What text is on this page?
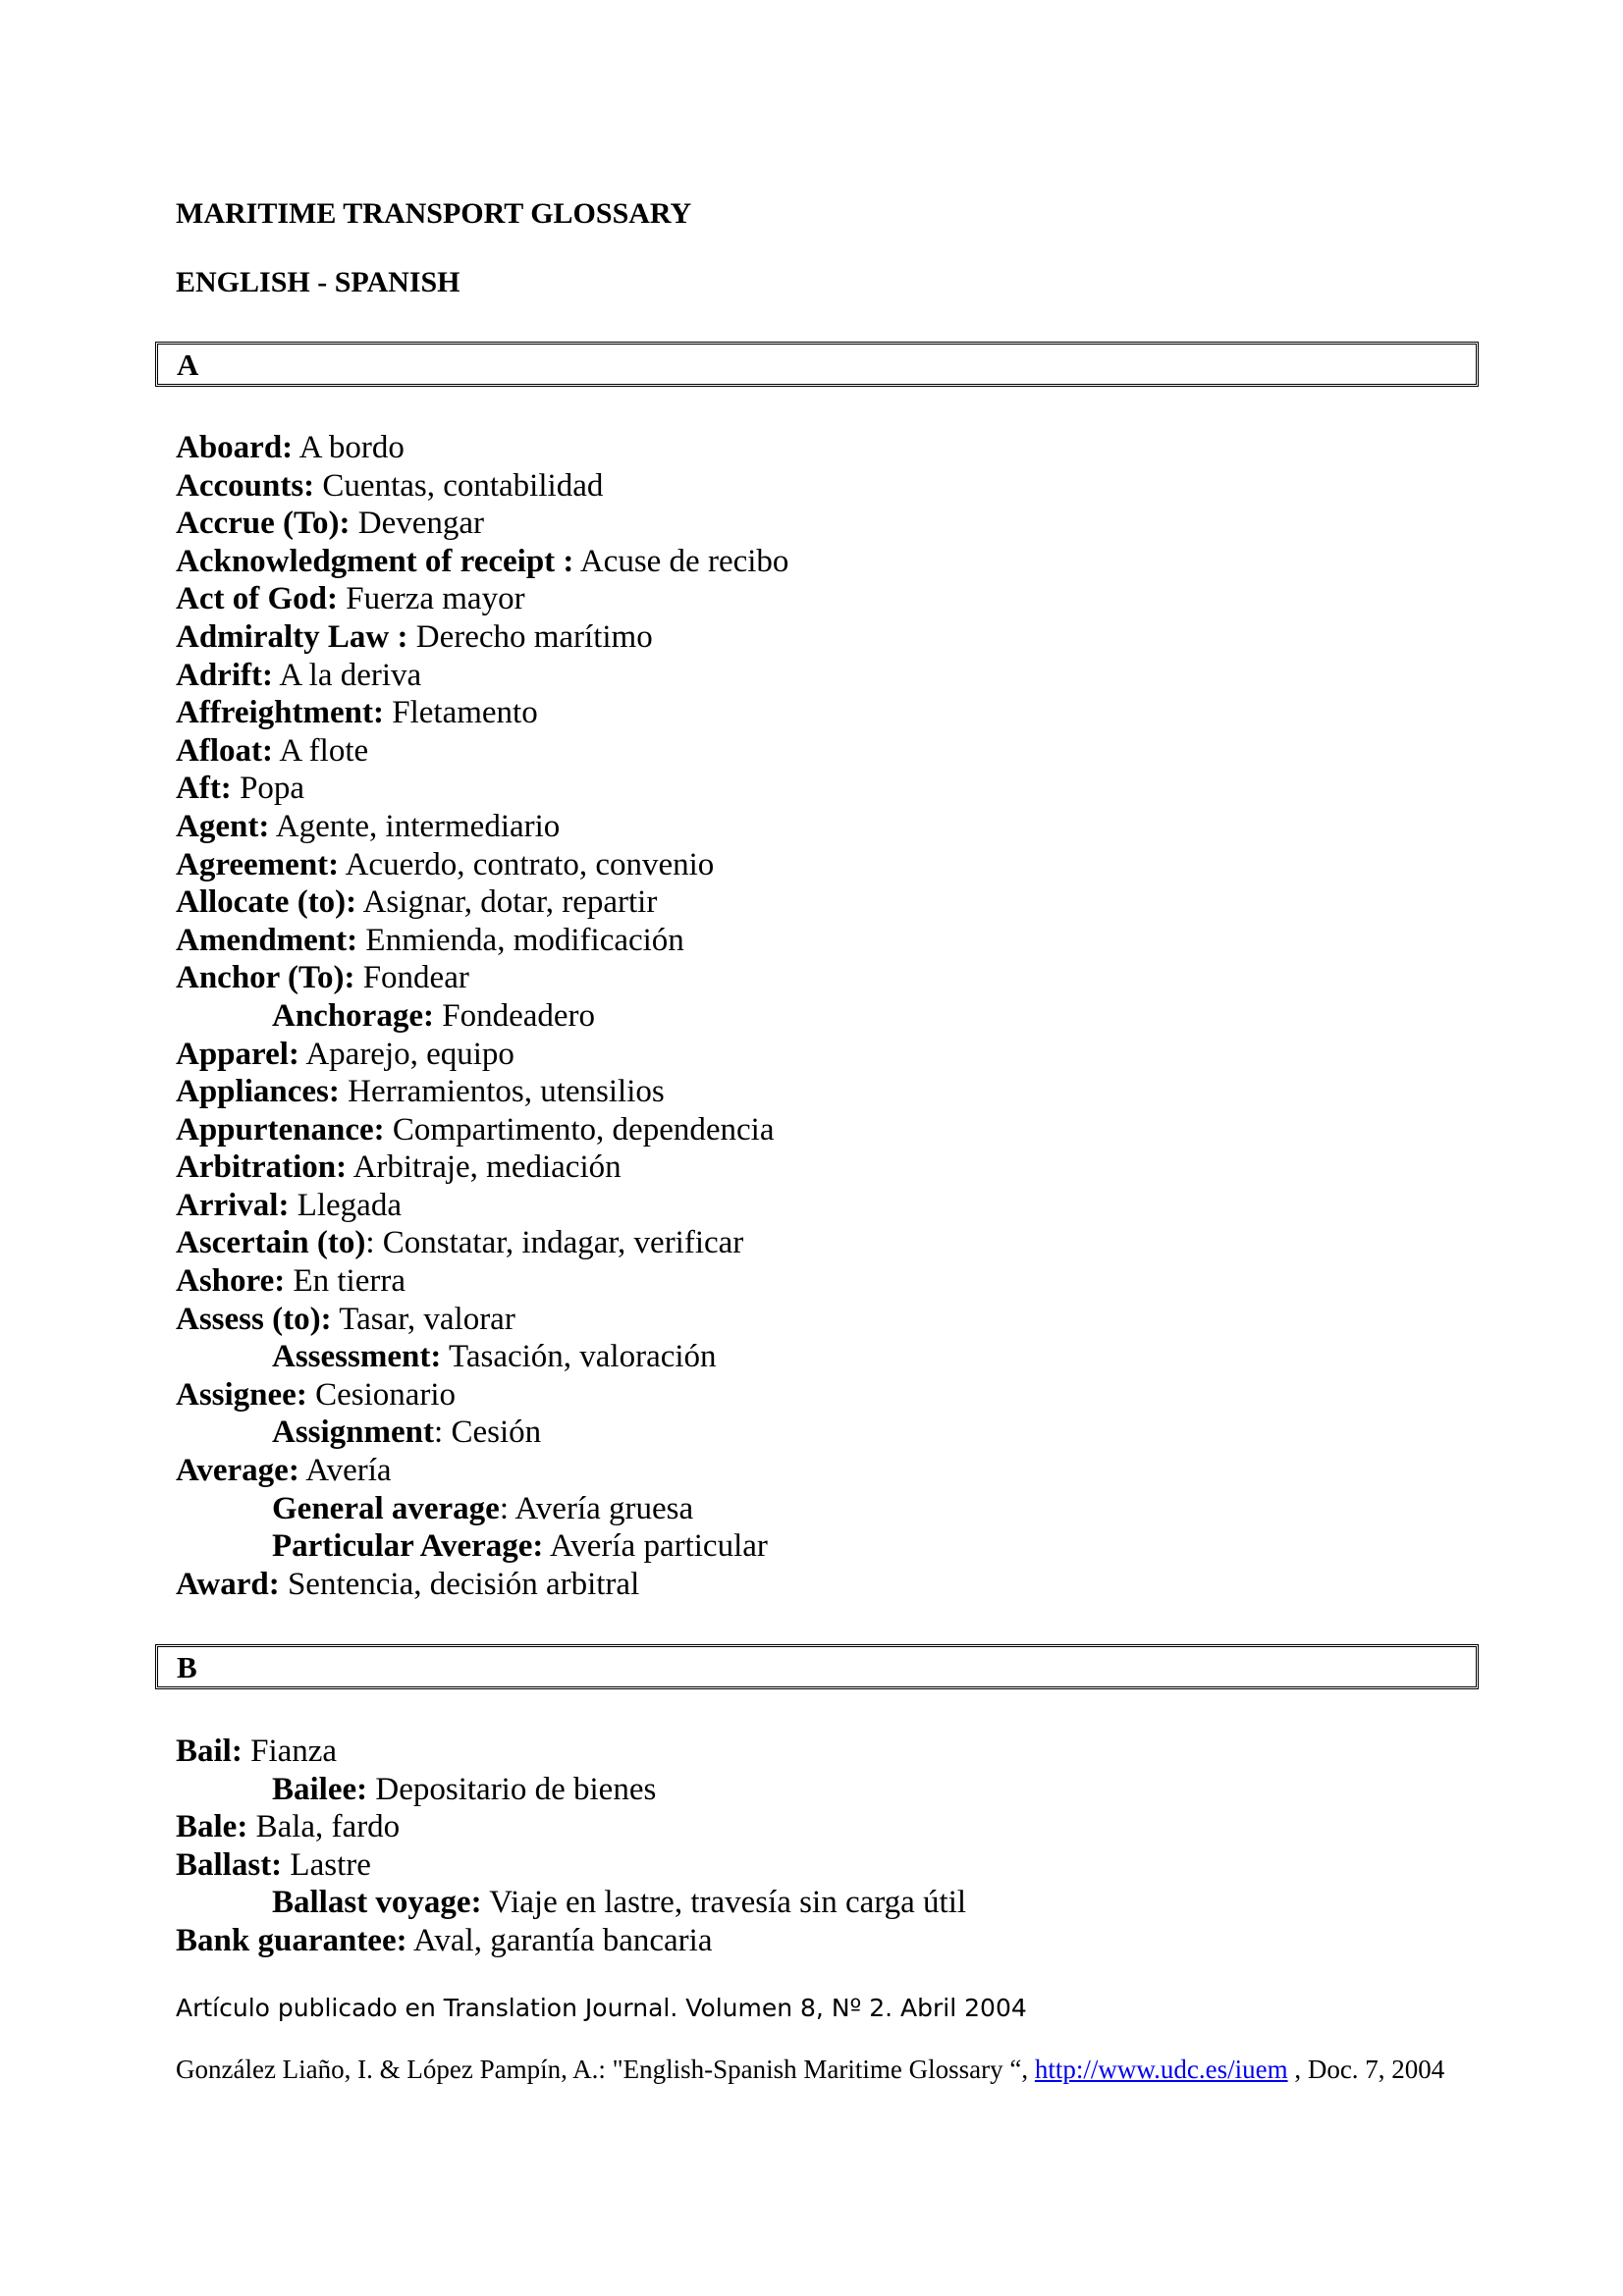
MARITIME TRANSPORT GLOSSARY
ENGLISH - SPANISH
A
Aboard: A bordo
Accounts: Cuentas, contabilidad
Accrue (To): Devengar
Acknowledgment of receipt : Acuse de recibo
Act of God: Fuerza mayor
Admiralty Law : Derecho marítimo
Adrift: A la deriva
Affreightment: Fletamento
Afloat: A flote
Aft: Popa
Agent: Agente, intermediario
Agreement: Acuerdo, contrato, convenio
Allocate (to): Asignar, dotar, repartir
Amendment: Enmienda, modificación
Anchor (To): Fondear
Anchorage: Fondeadero
Apparel: Aparejo, equipo
Appliances: Herramientos, utensilios
Appurtenance: Compartimento, dependencia
Arbitration: Arbitraje, mediación
Arrival: Llegada
Ascertain (to): Constatar, indagar, verificar
Ashore: En tierra
Assess (to): Tasar, valorar
Assessment: Tasación, valoración
Assignee: Cesionario
Assignment: Cesión
Average: Avería
General average: Avería gruesa
Particular Average: Avería particular
Award: Sentencia, decisión arbitral
B
Bail: Fianza
Bailee: Depositario de bienes
Bale: Bala, fardo
Ballast: Lastre
Ballast voyage: Viaje en lastre, travesía sin carga útil
Bank guarantee: Aval, garantía bancaria
Artículo publicado en Translation Journal. Volumen 8, Nº 2. Abril 2004
González Liaño, I. & López Pampín, A.: "English-Spanish Maritime Glossary “, http://www.udc.es/iuem , Doc. 7, 2004
